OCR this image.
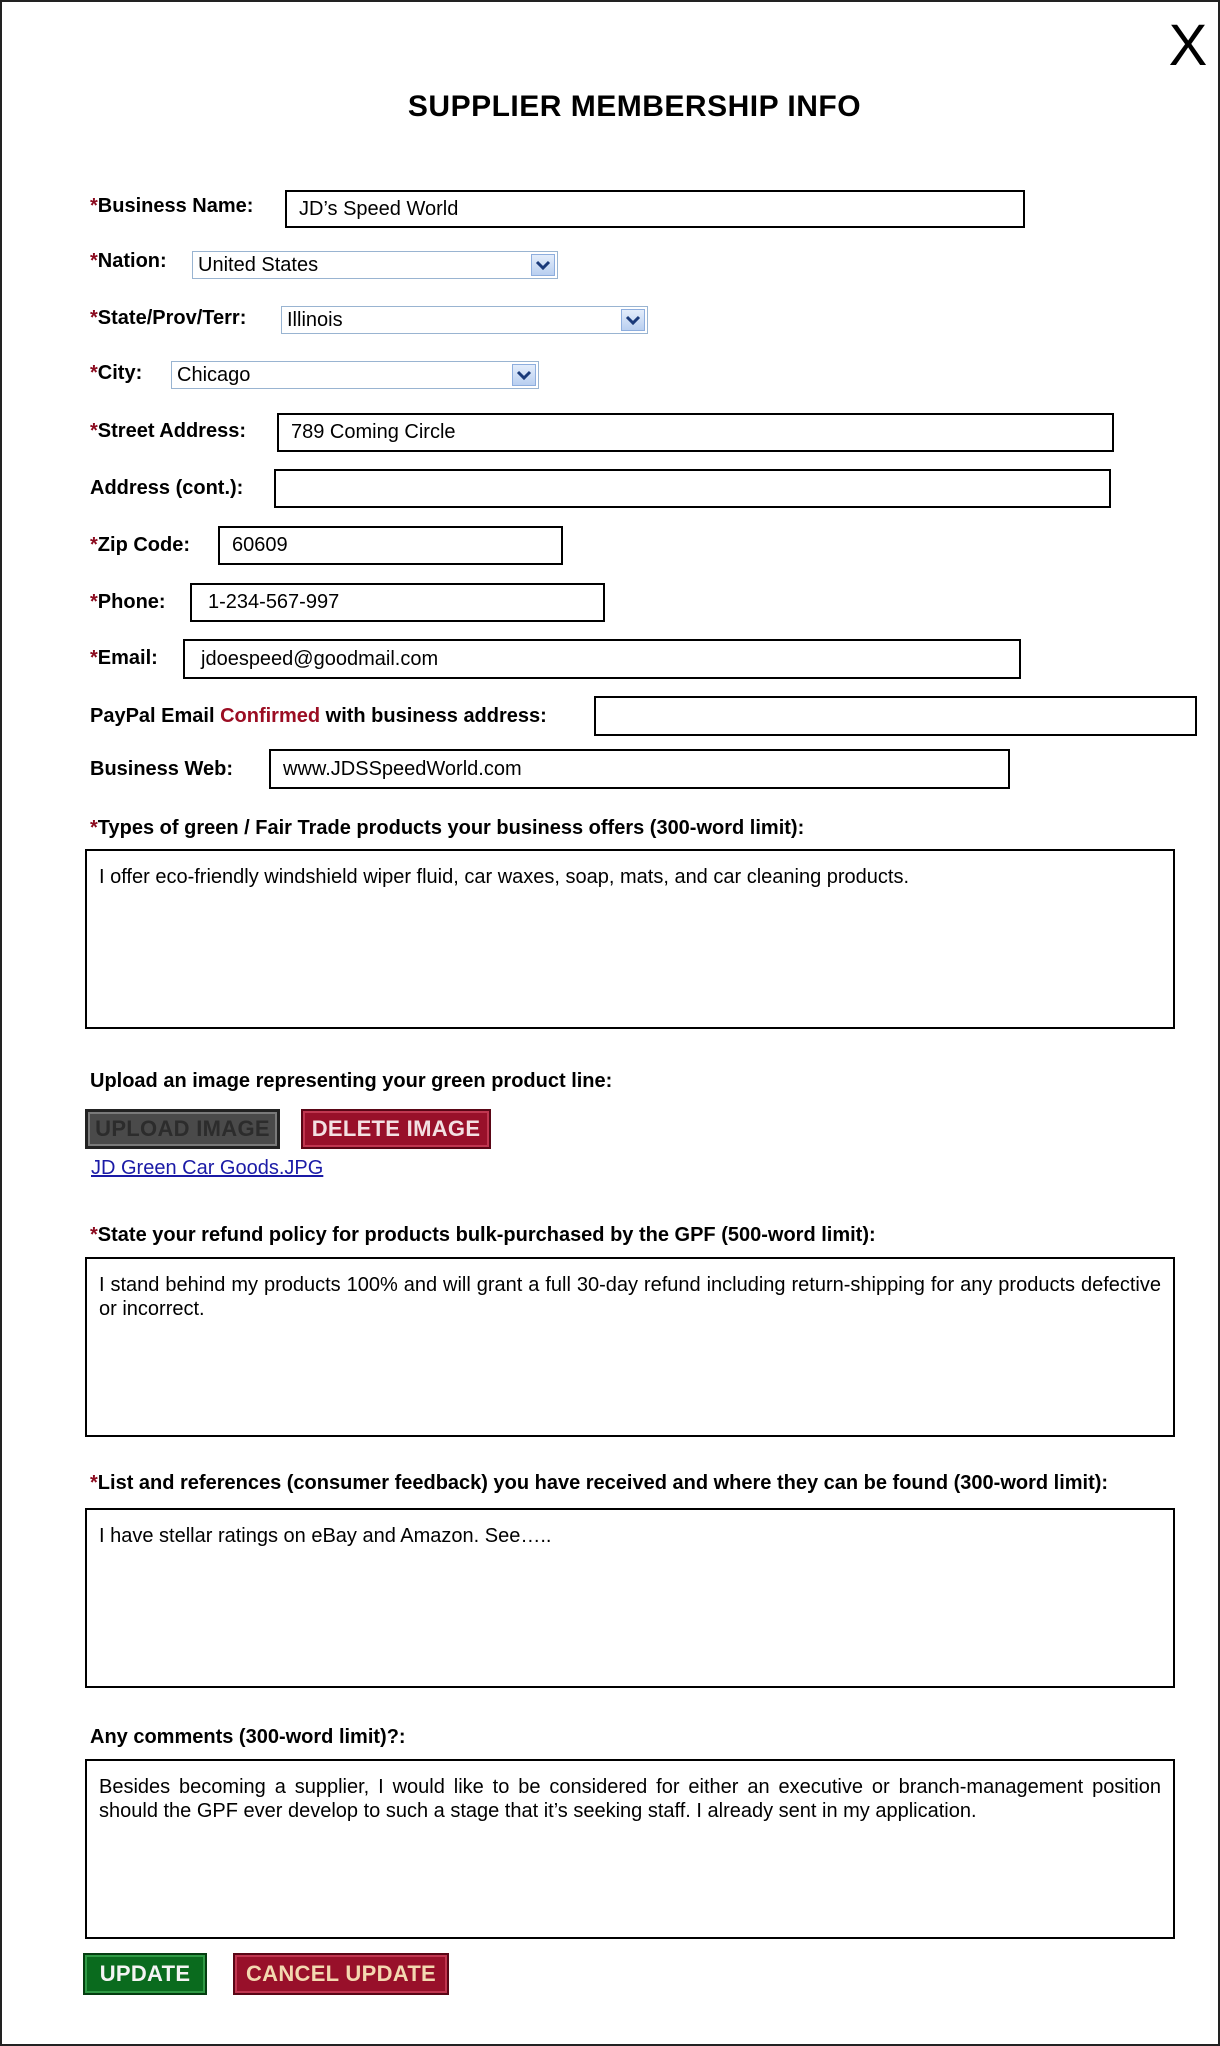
X
SUPPLIER MEMBERSHIP INFO
*Business Name:	JD’s Speed World
*Nation: United States
*State/Prov/Terr: Illinois
*City: Chicago
*Street Address:	789 Coming Circle
Address (cont.):
*Zip Code:	60609
*Phone:	1-234-567-997
*Email:	jdoespeed@goodmail.com
PayPal Email Confirmed with business address:
Business Web:	www.JDSSpeedWorld.com
*Types of green / Fair Trade products your business offers (300-word limit):
I offer eco-friendly windshield wiper fluid, car waxes, soap, mats, and car cleaning products.
Upload an image representing your green product line:
UPLOAD IMAGE	DELETE IMAGE
JD Green Car Goods.JPG
*State your refund policy for products bulk-purchased by the GPF (500-word limit):
I stand behind my products 100% and will grant a full 30-day refund including return-shipping for any products defective or incorrect.
*List and references (consumer feedback) you have received and where they can be found (300-word limit):
I have stellar ratings on eBay and Amazon. See…..
Any comments (300-word limit)?:
Besides becoming a supplier, I would like to be considered for either an executive or branch-management position should the GPF ever develop to such a stage that it’s seeking staff. I already sent in my application.
UPDATE	CANCEL UPDATE
